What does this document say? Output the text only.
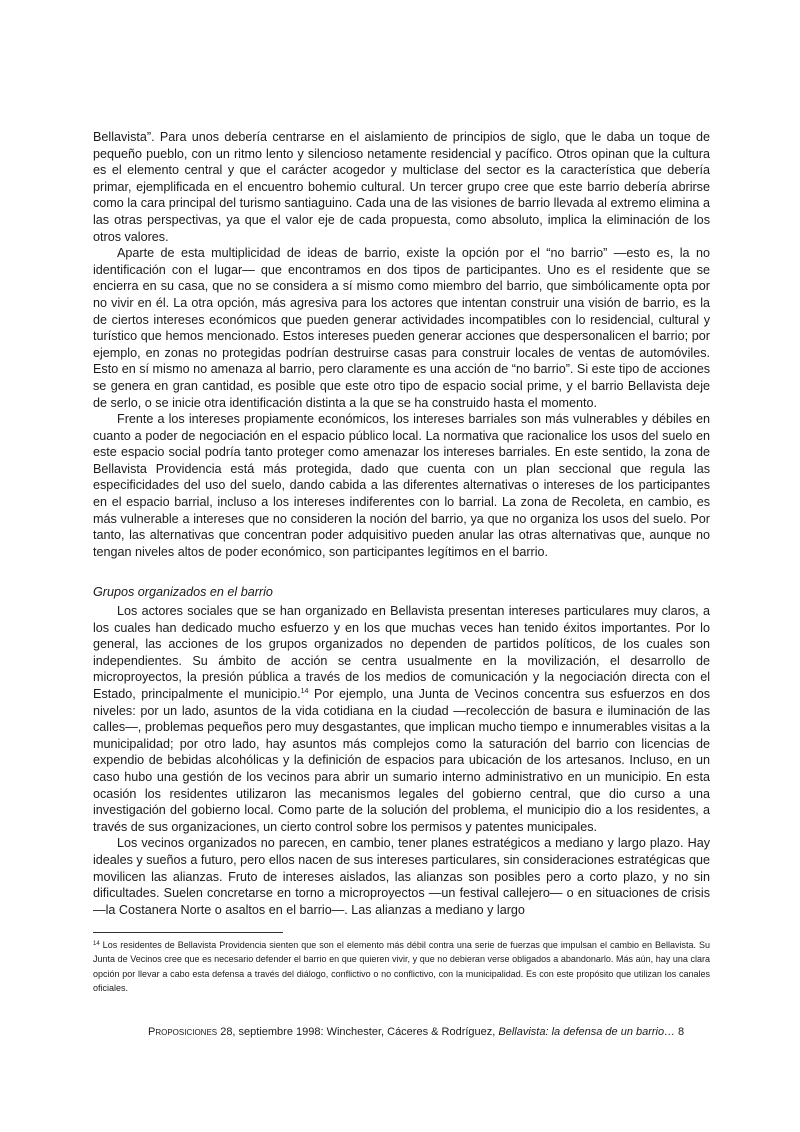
Bellavista”. Para unos debería centrarse en el aislamiento de principios de siglo, que le daba un toque de pequeño pueblo, con un ritmo lento y silencioso netamente residencial y pacífico. Otros opinan que la cultura es el elemento central y que el carácter acogedor y multiclase del sector es la característica que debería primar, ejemplificada en el encuentro bohemio cultural. Un tercer grupo cree que este barrio debería abrirse como la cara principal del turismo santiaguino. Cada una de las visiones de barrio llevada al extremo elimina a las otras perspectivas, ya que el valor eje de cada propuesta, como absoluto, implica la eliminación de los otros valores.

Aparte de esta multiplicidad de ideas de barrio, existe la opción por el “no barrio” —esto es, la no identificación con el lugar— que encontramos en dos tipos de participantes. Uno es el residente que se encierra en su casa, que no se considera a sí mismo como miembro del barrio, que simbólicamente opta por no vivir en él. La otra opción, más agresiva para los actores que intentan construir una visión de barrio, es la de ciertos intereses económicos que pueden generar actividades incompatibles con lo residencial, cultural y turístico que hemos mencionado. Estos intereses pueden generar acciones que despersonalicen el barrio; por ejemplo, en zonas no protegidas podrían destruirse casas para construir locales de ventas de automóviles. Esto en sí mismo no amenaza al barrio, pero claramente es una acción de “no barrio”. Si este tipo de acciones se genera en gran cantidad, es posible que este otro tipo de espacio social prime, y el barrio Bellavista deje de serlo, o se inicie otra identificación distinta a la que se ha construido hasta el momento.

Frente a los intereses propiamente económicos, los intereses barriales son más vulnerables y débiles en cuanto a poder de negociación en el espacio público local. La normativa que racionalice los usos del suelo en este espacio social podría tanto proteger como amenazar los intereses barriales. En este sentido, la zona de Bellavista Providencia está más protegida, dado que cuenta con un plan seccional que regula las especificidades del uso del suelo, dando cabida a las diferentes alternativas o intereses de los participantes en el espacio barrial, incluso a los intereses indiferentes con lo barrial. La zona de Recoleta, en cambio, es más vulnerable a intereses que no consideren la noción del barrio, ya que no organiza los usos del suelo. Por tanto, las alternativas que concentran poder adquisitivo pueden anular las otras alternativas que, aunque no tengan niveles altos de poder económico, son participantes legítimos en el barrio.

Grupos organizados en el barrio

Los actores sociales que se han organizado en Bellavista presentan intereses particulares muy claros, a los cuales han dedicado mucho esfuerzo y en los que muchas veces han tenido éxitos importantes. Por lo general, las acciones de los grupos organizados no dependen de partidos políticos, de los cuales son independientes. Su ámbito de acción se centra usualmente en la movilización, el desarrollo de microproyectos, la presión pública a través de los medios de comunicación y la negociación directa con el Estado, principalmente el municipio.$^{14}$ Por ejemplo, una Junta de Vecinos concentra sus esfuerzos en dos niveles: por un lado, asuntos de la vida cotidiana en la ciudad —recolección de basura e iluminación de las calles—, problemas pequeños pero muy desgastantes, que implican mucho tiempo e innumerables visitas a la municipalidad; por otro lado, hay asuntos más complejos como la saturación del barrio con licencias de expendio de bebidas alcohólicas y la definición de espacios para ubicación de los artesanos. Incluso, en un caso hubo una gestión de los vecinos para abrir un sumario interno administrativo en un municipio. En esta ocasión los residentes utilizaron las mecanismos legales del gobierno central, que dio curso a una investigación del gobierno local. Como parte de la solución del problema, el municipio dio a los residentes, a través de sus organizaciones, un cierto control sobre los permisos y patentes municipales.

Los vecinos organizados no parecen, en cambio, tener planes estratégicos a mediano y largo plazo. Hay ideales y sueños a futuro, pero ellos nacen de sus intereses particulares, sin consideraciones estratégicas que movilicen las alianzas. Fruto de intereses aislados, las alianzas son posibles pero a corto plazo, y no sin dificultades. Suelen concretarse en torno a microproyectos —un festival callejero— o en situaciones de crisis —la Costanera Norte o asaltos en el barrio—. Las alianzas a mediano y largo

$^{14}$ Los residentes de Bellavista Providencia sienten que son el elemento más débil contra una serie de fuerzas que impulsan el cambio en Bellavista. Su Junta de Vecinos cree que es necesario defender el barrio en que quieren vivir, y que no debieran verse obligados a abandonarlo. Más aún, hay una clara opción por llevar a cabo esta defensa a través del diálogo, conflictivo o no conflictivo, con la municipalidad. Es con este propósito que utilizan los canales oficiales.

Proposiciones 28, septiembre 1998: Winchester, Cáceres & Rodríguez, Bellavista: la defensa de un barrio… 8
